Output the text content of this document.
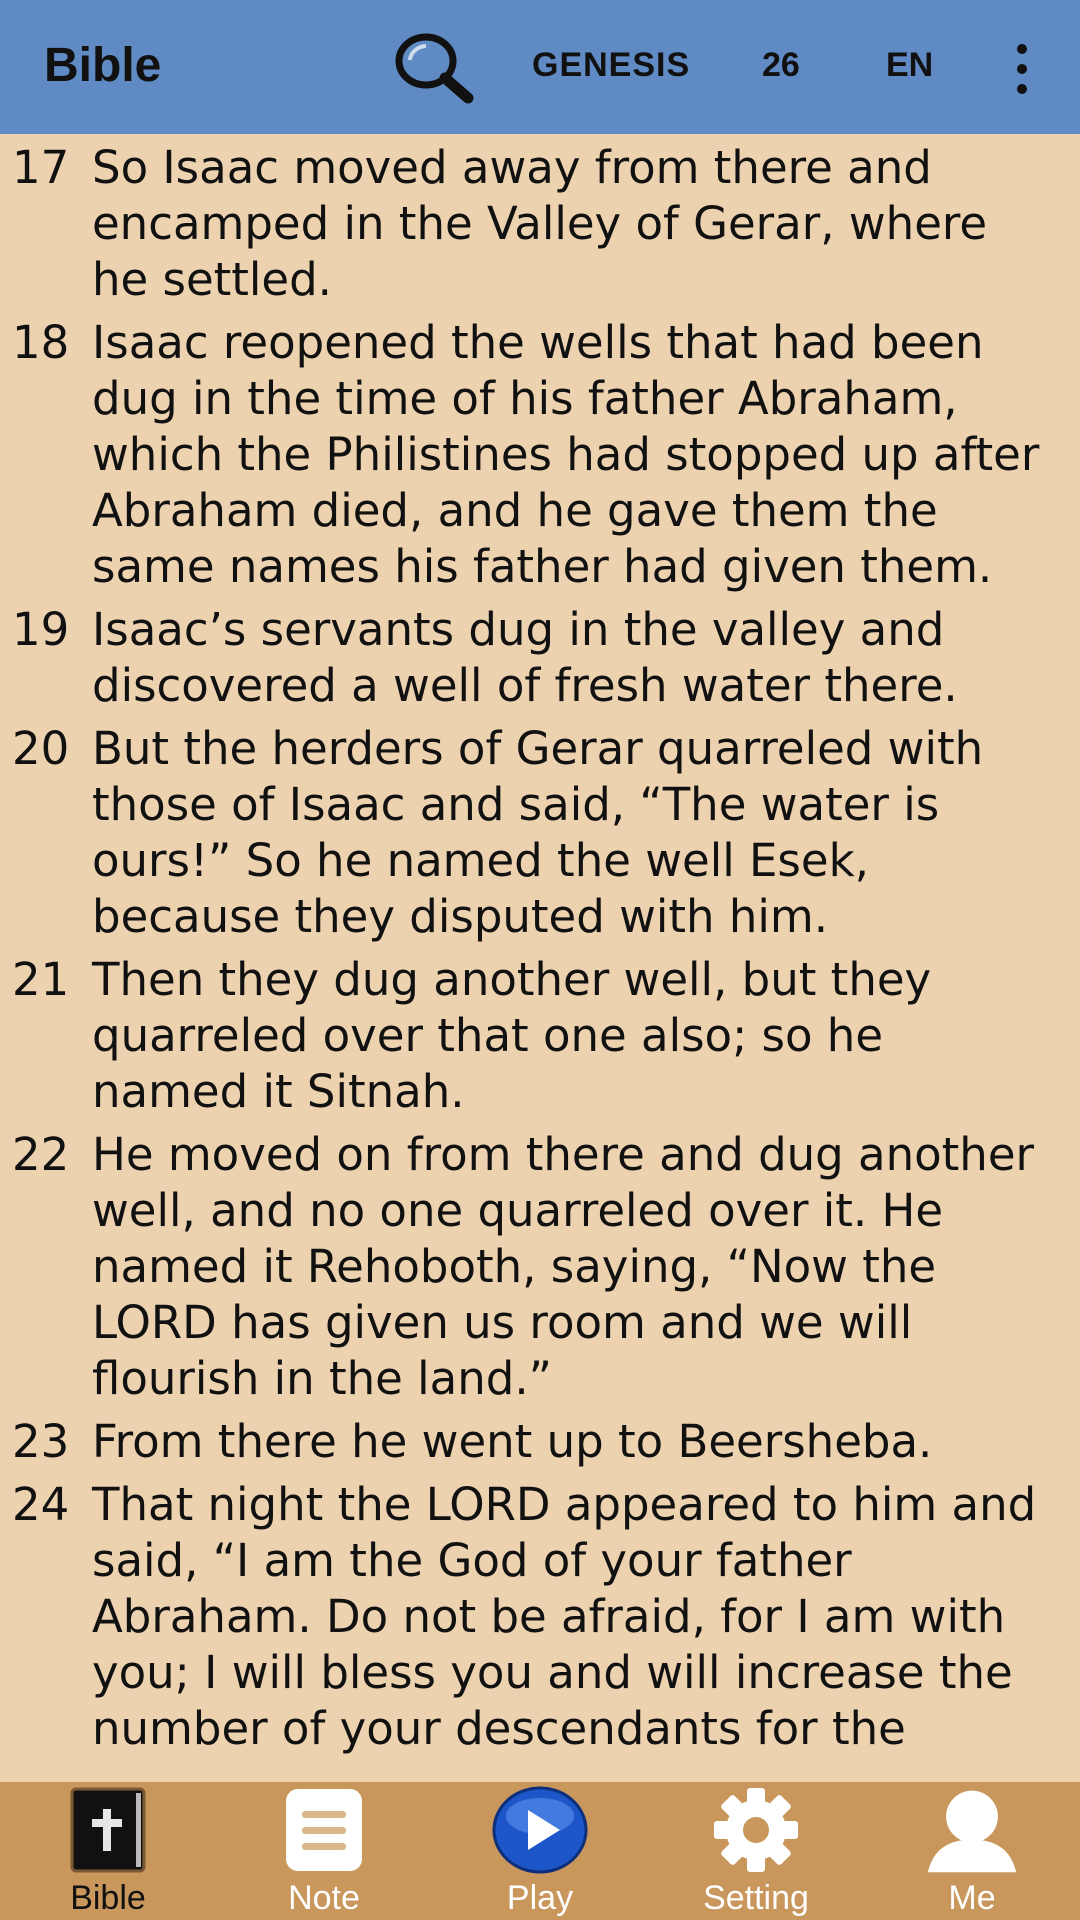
Bible	GENESIS 26	EN
17 So Isaac moved away from there and encamped in the Valley of Gerar, where he settled.
18 Isaac reopened the wells that had been dug in the time of his father Abraham, which the Philistines had stopped up after Abraham died, and he gave them the same names his father had given them.
19 Isaac’s servants dug in the valley and discovered a well of fresh water there.
20 But the herders of Gerar quarreled with those of Isaac and said, “The water is ours!” So he named the well Esek, because they disputed with him.
21 Then they dug another well, but they quarreled over that one also; so he named it Sitnah.
22 He moved on from there and dug another well, and no one quarreled over it. He named it Rehoboth, saying, “Now the LORD has given us room and we will flourish in the land.”
23 From there he went up to Beersheba.
24 That night the LORD appeared to him and said, “I am the God of your father Abraham. Do not be afraid, for I am with you; I will bless you and will increase the number of your descendants for the
Bible	Note	Play	Setting	Me
